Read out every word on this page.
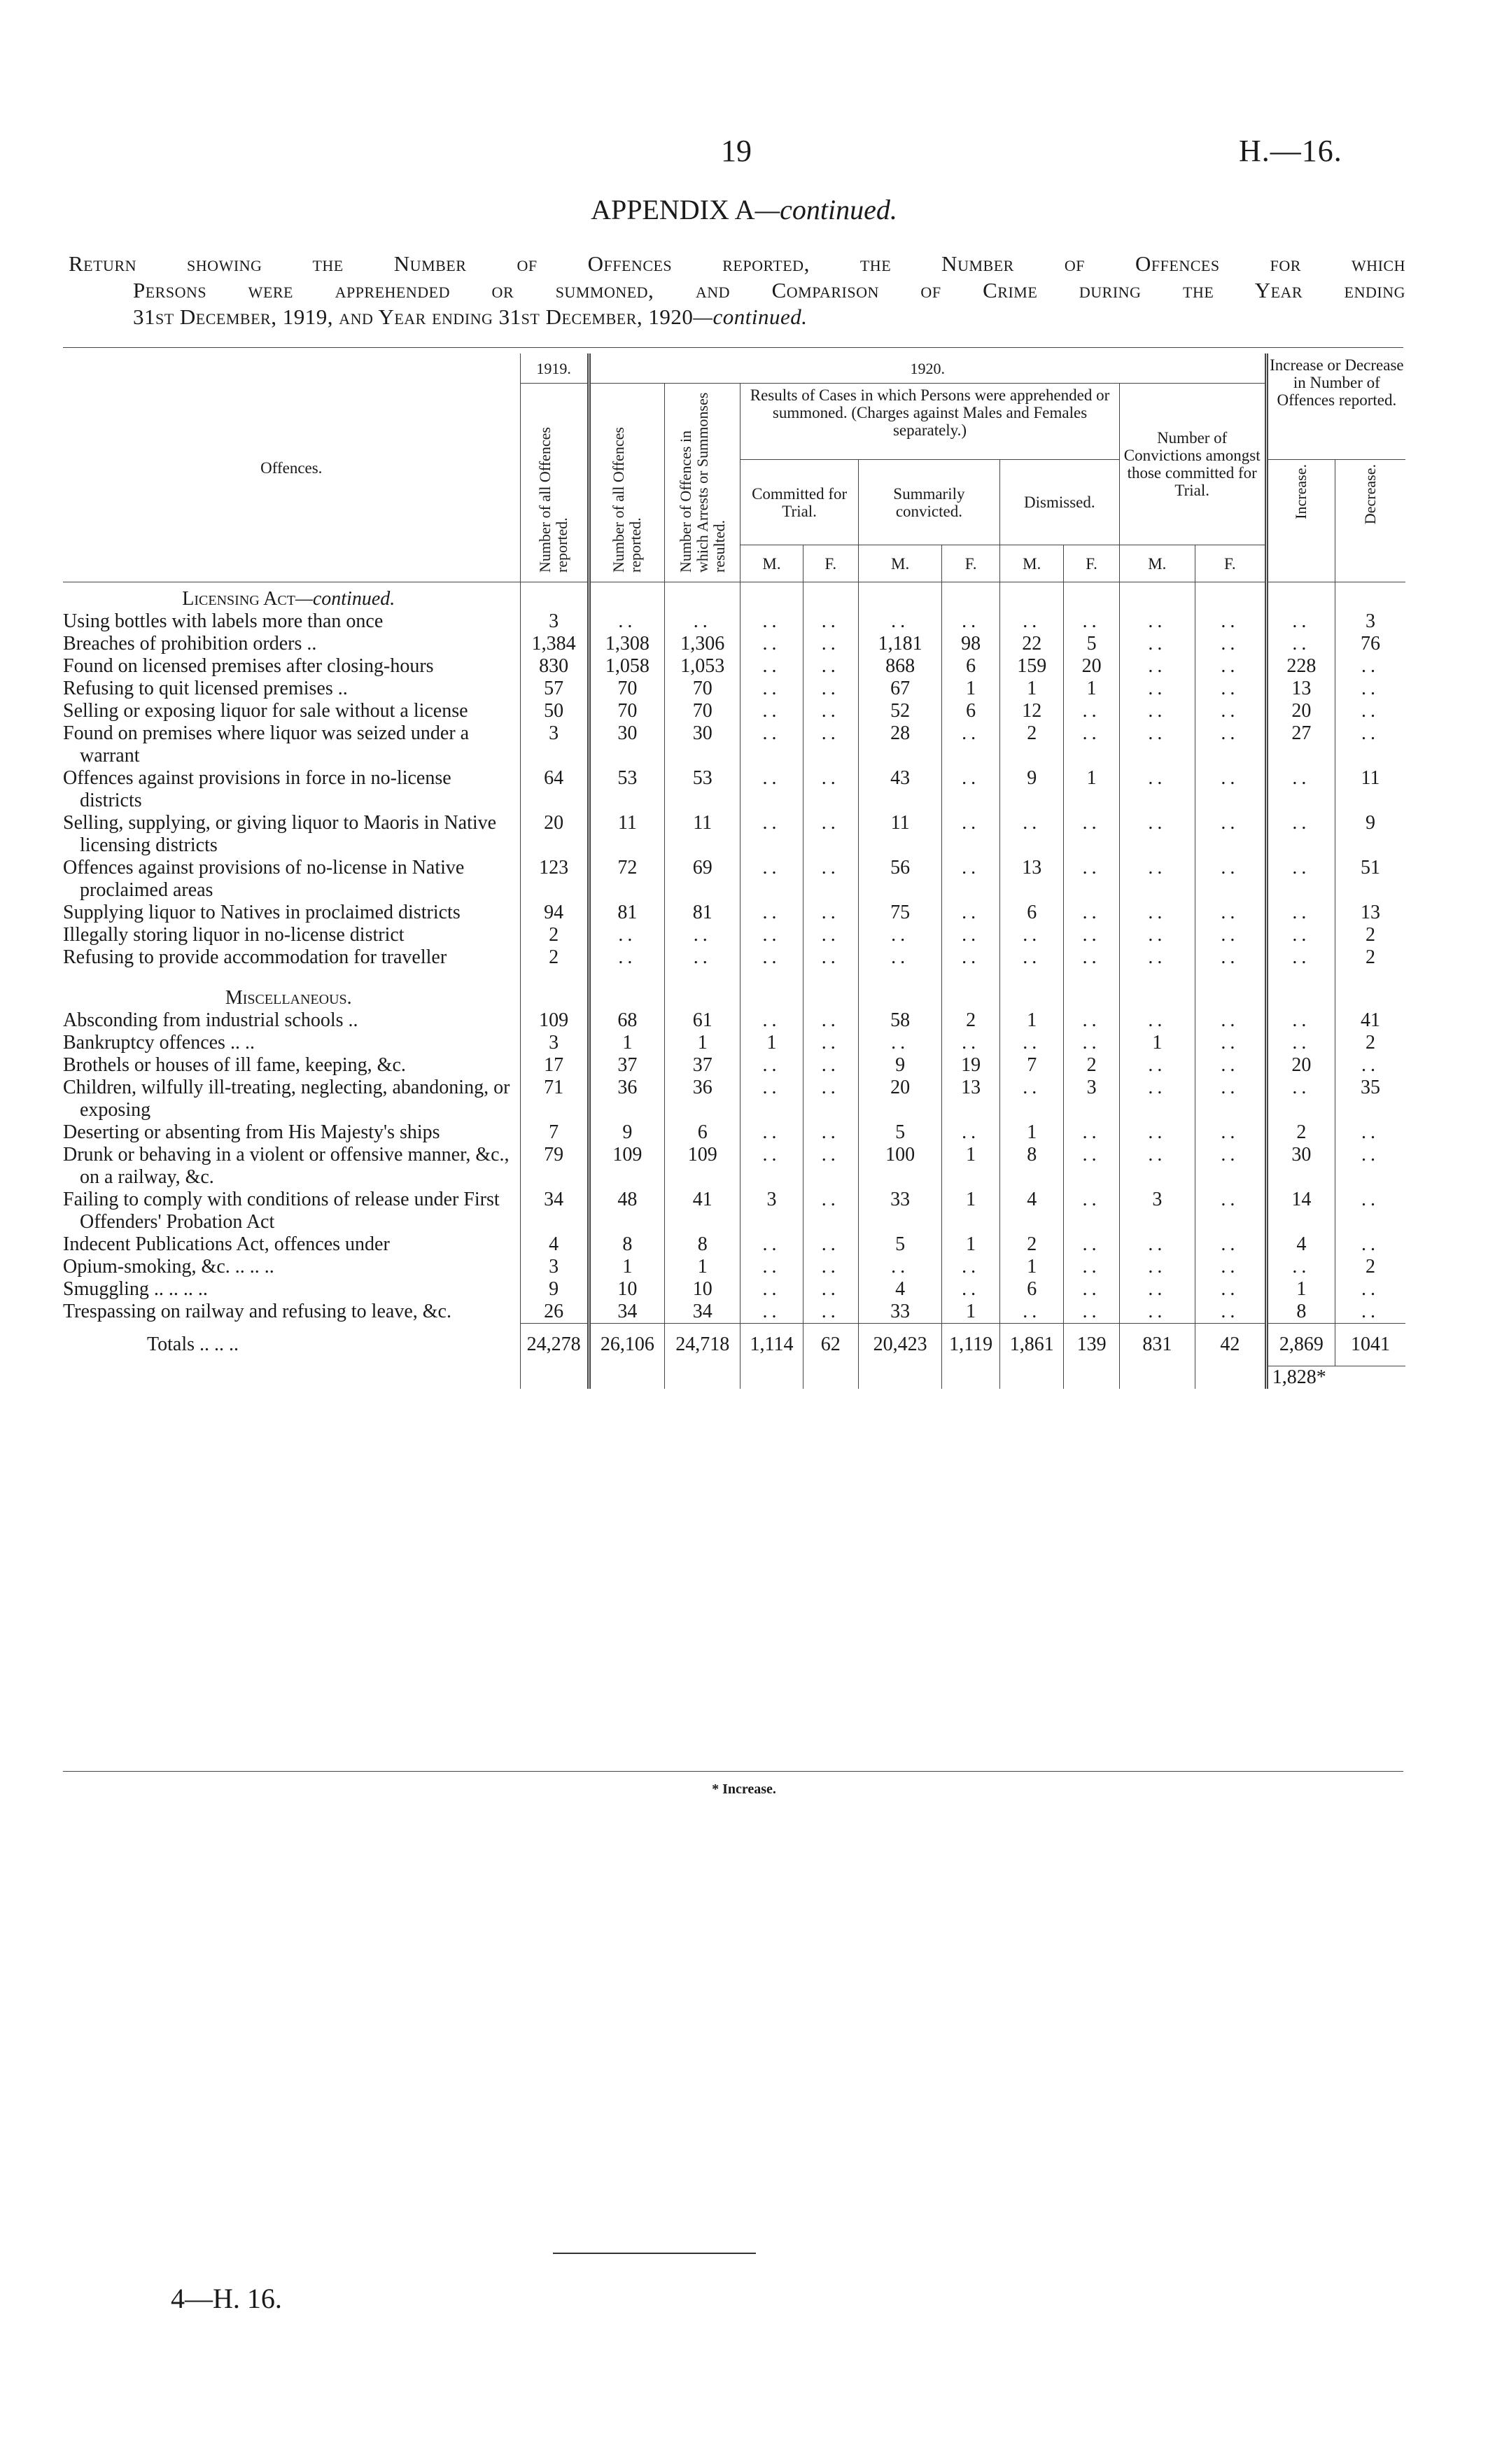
19	H.—16.
APPENDIX A—continued.
Return showing the Number of Offences reported, the Number of Offences for which
Persons were apprehended or summoned, and Comparison of Crime during the Year ending
31st December, 1919, and Year ending 31st December, 1920—continued.
Offences.	1919.	1920.										Increase or Decrease in Number of Offences reported.	
	Number of all Offences reported.	Number of all Offences reported.	Number of Offences in which Arrests or Summonses resulted.	Results of Cases in which Persons were apprehended or summoned. (Charges against Males and Females separately.)						Number of Convictions amongst those committed for Trial.			
				Committed for Trial.		Summarily convicted.		Dismissed.				Increase.	Decrease.
				M.	F.	M.	F.	M.	F.	M.	F.		
Licensing Act—continued.													

Using bottles with labels more than once	3	..	..	..	..	..	..	..	..	..	..	..	3

Breaches of prohibition orders ..	1,384	1,308	1,306	..	..	1,181	98	22	5	..	..	..	76

Found on licensed premises after closing-hours	830	1,058	1,053	..	..	868	6	159	20	..	..	228	..

Refusing to quit licensed premises ..	57	70	70	..	..	67	1	1	1	..	..	13	..

Selling or exposing liquor for sale without a license	50	70	70	..	..	52	6	12	..	..	..	20	..

Found on premises where liquor was seized under a warrant	3	30	30	..	..	28	..	2	..	..	..	27	..

Offences against provisions in force in no-license districts	64	53	53	..	..	43	..	9	1	..	..	..	11

Selling, supplying, or giving liquor to Maoris in Native licensing districts	20	11	11	..	..	11	..	..	..	..	..	..	9

Offences against provisions of no-license in Native proclaimed areas	123	72	69	..	..	56	..	13	..	..	..	..	51

Supplying liquor to Natives in proclaimed districts	94	81	81	..	..	75	..	6	..	..	..	..	13

Illegally storing liquor in no-license district	2	..	..	..	..	..	..	..	..	..	..	..	2

Refusing to provide accommodation for traveller	2	..	..	..	..	..	..	..	..	..	..	..	2
Miscellaneous.													

Absconding from industrial schools ..	109	68	61	..	..	58	2	1	..	..	..	..	41

Bankruptcy offences .. ..	3	1	1	1	..	..	..	..	..	1	..	..	2

Brothels or houses of ill fame, keeping, &c.	17	37	37	..	..	9	19	7	2	..	..	20	..

Children, wilfully ill-treating, neglecting, abandoning, or exposing	71	36	36	..	..	20	13	..	3	..	..	..	35

Deserting or absenting from His Majesty's ships	7	9	6	..	..	5	..	1	..	..	..	2	..

Drunk or behaving in a violent or offensive manner, &c., on a railway, &c.	79	109	109	..	..	100	1	8	..	..	..	30	..

Failing to comply with conditions of release under First Offenders' Probation Act	34	48	41	3	..	33	1	4	..	3	..	14	..

Indecent Publications Act, offences under	4	8	8	..	..	5	1	2	..	..	..	4	..

Opium-smoking, &c. .. .. ..	3	1	1	..	..	..	..	1	..	..	..	..	2

Smuggling .. .. .. ..	9	10	10	..	..	4	..	6	..	..	..	1	..

Trespassing on railway and refusing to leave, &c.	26	34	34	..	..	33	1	..	..	..	..	8	..
Totals .. .. ..	24,278	26,106	24,718	1,114	62	20,423	1,119	1,861	139	831	42	2,869	1041
												1,828*	
* Increase.
4—H. 16.
